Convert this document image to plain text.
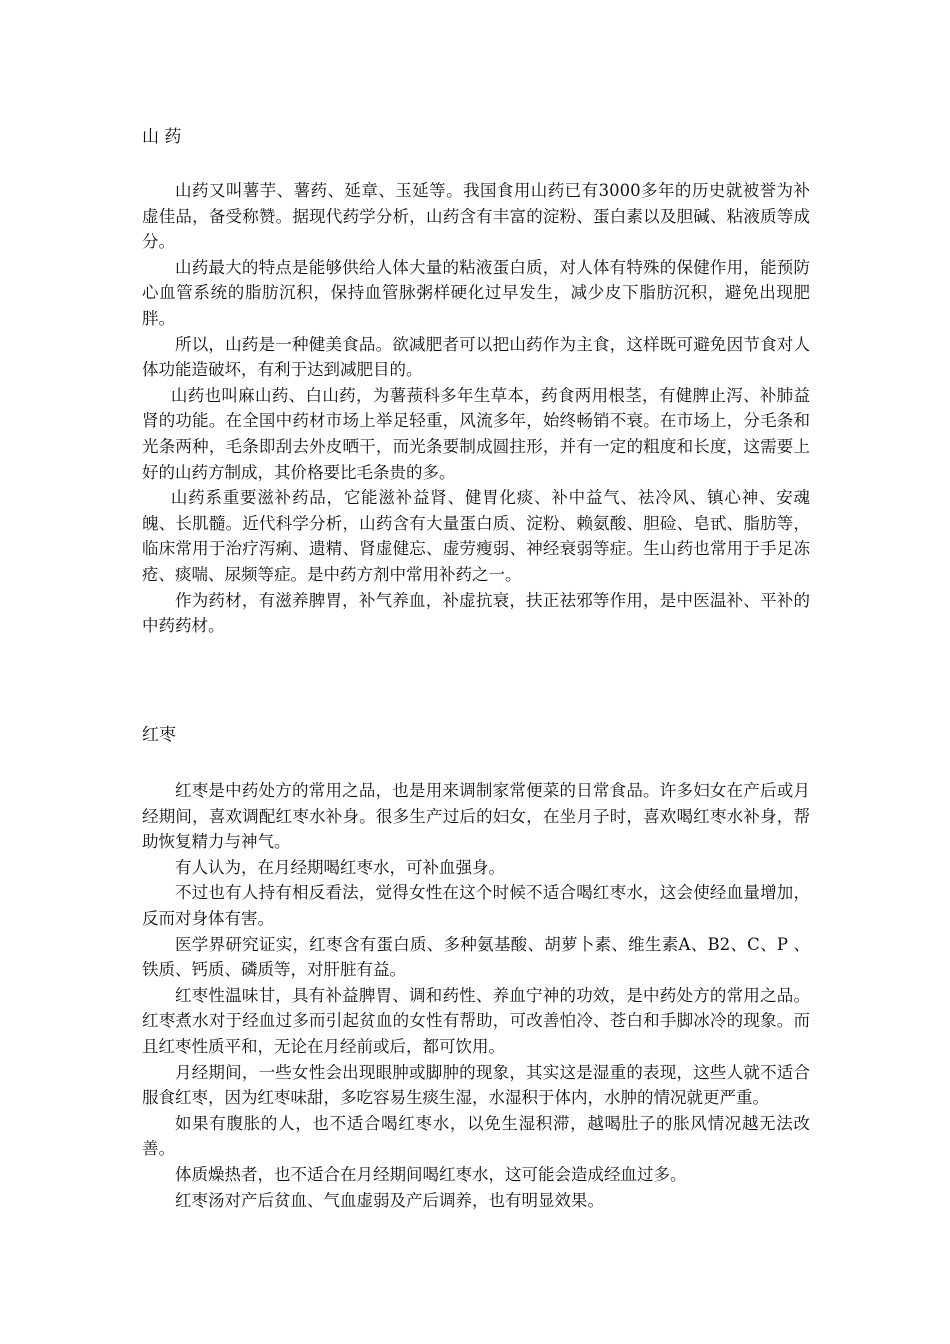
山 药

山药又叫薯芋、薯药、延章、玉延等。我国食用山药已有3000多年的历史就被誉为补虚佳品，备受称赞。据现代药学分析，山药含有丰富的淀粉、蛋白素以及胆碱、粘液质等成分。

山药最大的特点是能够供给人体大量的粘液蛋白质，对人体有特殊的保健作用，能预防心血管系统的脂肪沉积，保持血管脉粥样硬化过早发生，减少皮下脂肪沉积，避免出现肥胖。

所以，山药是一种健美食品。欲减肥者可以把山药作为主食，这样既可避免因节食对人体功能造破坏，有利于达到减肥目的。

山药也叫麻山药、白山药，为薯蓣科多年生草本，药食两用根茎，有健脾止泻、补肺益肾的功能。在全国中药材市场上举足轻重，风流多年，始终畅销不衰。在市场上，分毛条和光条两种，毛条即刮去外皮晒干，而光条要制成圆拄形，并有一定的粗度和长度，这需要上好的山药方制成，其价格要比毛条贵的多。

山药系重要滋补药品，它能滋补益肾、健胃化痰、补中益气、祛冷风、镇心神、安魂魄、长肌髓。近代科学分析，山药含有大量蛋白质、淀粉、赖氨酸、胆硷、皂甙、脂肪等，临床常用于治疗泻痢、遗精、肾虚健忘、虚劳瘦弱、神经衰弱等症。生山药也常用于手足冻疮、痰喘、尿频等症。是中药方剂中常用补药之一。

作为药材，有滋养脾胃，补气养血，补虚抗衰，扶正祛邪等作用，是中医温补、平补的中药药材。

红枣

红枣是中药处方的常用之品，也是用来调制家常便菜的日常食品。许多妇女在产后或月经期间，喜欢调配红枣水补身。很多生产过后的妇女，在坐月子时，喜欢喝红枣水补身，帮助恢复精力与神气。

有人认为，在月经期喝红枣水，可补血强身。

不过也有人持有相反看法，觉得女性在这个时候不适合喝红枣水，这会使经血量增加，反而对身体有害。

医学界研究证实，红枣含有蛋白质、多种氨基酸、胡萝卜素、维生素A、B2、C、P 、铁质、钙质、磷质等，对肝脏有益。

红枣性温味甘，具有补益脾胃、调和药性、养血宁神的功效，是中药处方的常用之品。红枣煮水对于经血过多而引起贫血的女性有帮助，可改善怕冷、苍白和手脚冰冷的现象。而且红枣性质平和，无论在月经前或后，都可饮用。

月经期间，一些女性会出现眼肿或脚肿的现象，其实这是湿重的表现，这些人就不适合服食红枣，因为红枣味甜，多吃容易生痰生湿，水湿积于体内，水肿的情况就更严重。

如果有腹胀的人，也不适合喝红枣水，以免生湿积滞，越喝肚子的胀风情况越无法改善。

体质燥热者，也不适合在月经期间喝红枣水，这可能会造成经血过多。

红枣汤对产后贫血、气血虚弱及产后调养，也有明显效果。
